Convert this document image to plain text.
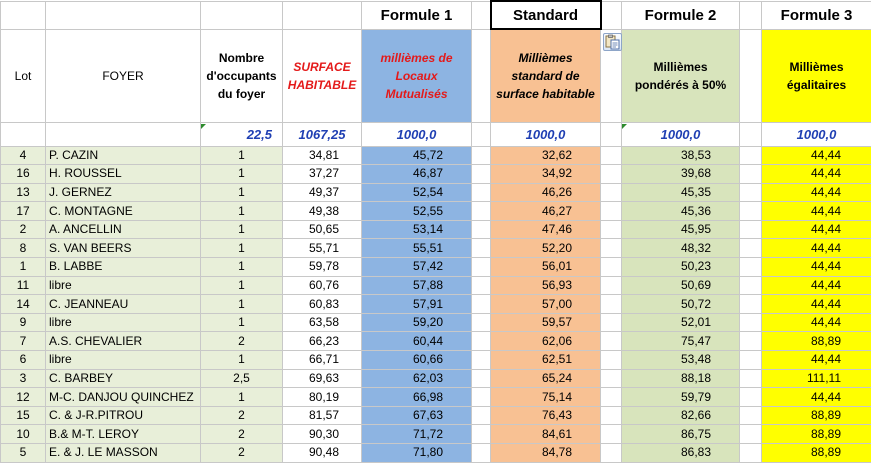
				Formule 1		Standard		Formule 2		Formule 3
Lot	FOYER	Nombre d'occupants du foyer	SURFACE HABITABLE	millièmes de Locaux Mutualisés		Millièmes standard de surface habitable		Millièmes pondérés à 50%		Millièmes égalitaires
		22,5	1067,25	1000,0		1000,0		1000,0		1000,0
4	P. CAZIN	1	34,81	45,72		32,62		38,53		44,44
16	H. ROUSSEL	1	37,27	46,87		34,92		39,68		44,44
13	J. GERNEZ	1	49,37	52,54		46,26		45,35		44,44
17	C. MONTAGNE	1	49,38	52,55		46,27		45,36		44,44
2	A. ANCELLIN	1	50,65	53,14		47,46		45,95		44,44
8	S. VAN BEERS	1	55,71	55,51		52,20		48,32		44,44
1	B. LABBE	1	59,78	57,42		56,01		50,23		44,44
11	libre	1	60,76	57,88		56,93		50,69		44,44
14	C. JEANNEAU	1	60,83	57,91		57,00		50,72		44,44
9	libre	1	63,58	59,20		59,57		52,01		44,44
7	A.S. CHEVALIER	2	66,23	60,44		62,06		75,47		88,89
6	libre	1	66,71	60,66		62,51		53,48		44,44
3	C. BARBEY	2,5	69,63	62,03		65,24		88,18		111,11
12	M-C. DANJOU QUINCHEZ	1	80,19	66,98		75,14		59,79		44,44
15	C. & J-R.PITROU	2	81,57	67,63		76,43		82,66		88,89
10	B.& M-T. LEROY	2	90,30	71,72		84,61		86,75		88,89
5	E. & J. LE MASSON	2	90,48	71,80		84,78		86,83		88,89
